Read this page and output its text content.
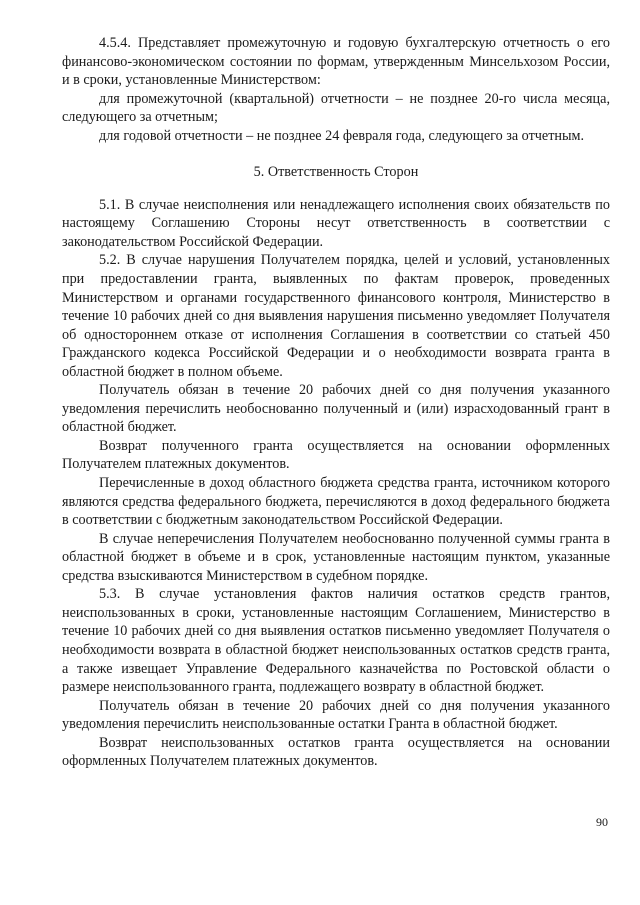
4.5.4. Представляет промежуточную и годовую бухгалтерскую отчетность о его финансово-экономическом состоянии по формам, утвержденным Минсельхозом России, и в сроки, установленные Министерством:

для промежуточной (квартальной) отчетности – не позднее 20-го числа месяца, следующего за отчетным;

для годовой отчетности – не позднее 24 февраля года, следующего за отчетным.

5. Ответственность Сторон

5.1. В случае неисполнения или ненадлежащего исполнения своих обязательств по настоящему Соглашению Стороны несут ответственность в соответствии с законодательством Российской Федерации.

5.2. В случае нарушения Получателем порядка, целей и условий, установленных при предоставлении гранта, выявленных по фактам проверок, проведенных Министерством и органами государственного финансового контроля, Министерство в течение 10 рабочих дней со дня выявления нарушения письменно уведомляет Получателя об одностороннем отказе от исполнения Соглашения в соответствии со статьей 450 Гражданского кодекса Российской Федерации и о необходимости возврата гранта в областной бюджет в полном объеме.

Получатель обязан в течение 20 рабочих дней со дня получения указанного уведомления перечислить необоснованно полученный и (или) израсходованный грант в областной бюджет.

Возврат полученного гранта осуществляется на основании оформленных Получателем платежных документов.

Перечисленные в доход областного бюджета средства гранта, источником которого являются средства федерального бюджета, перечисляются в доход федерального бюджета в соответствии с бюджетным законодательством Российской Федерации.

В случае неперечисления Получателем необоснованно полученной суммы гранта в областной бюджет в объеме и в срок, установленные настоящим пунктом, указанные средства взыскиваются Министерством в судебном порядке.

5.3. В случае установления фактов наличия остатков средств грантов, неиспользованных в сроки, установленные настоящим Соглашением, Министерство в течение 10 рабочих дней со дня выявления остатков письменно уведомляет Получателя о необходимости возврата в областной бюджет неиспользованных остатков средств гранта, а также извещает Управление Федерального казначейства по Ростовской области о размере неиспользованного гранта, подлежащего возврату в областной бюджет.

Получатель обязан в течение 20 рабочих дней со дня получения указанного уведомления перечислить неиспользованные остатки Гранта в областной бюджет.

Возврат неиспользованных остатков гранта осуществляется на основании оформленных Получателем платежных документов.

90
